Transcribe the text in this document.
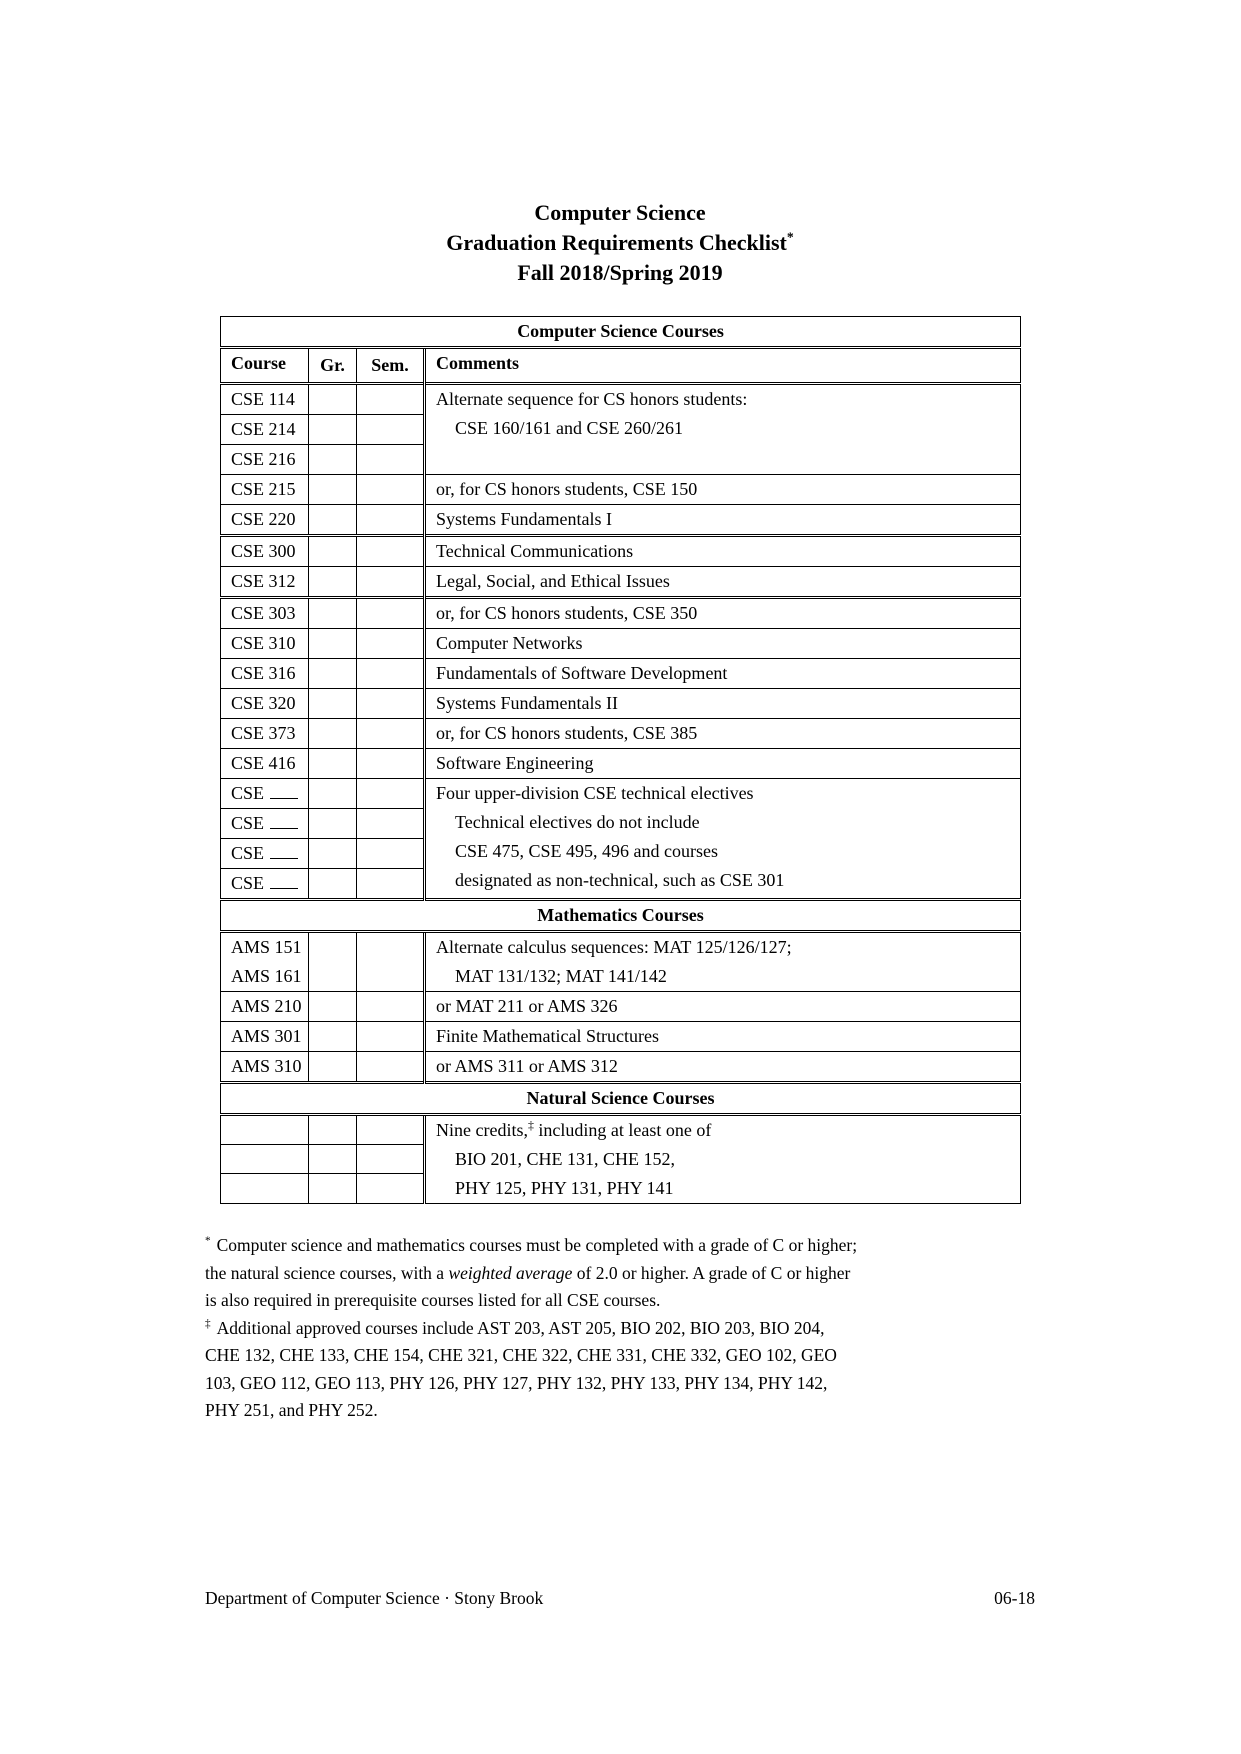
Computer Science
Graduation Requirements Checklist*
Fall 2018/Spring 2019
Computer Science Courses			
Course	Gr.	Sem.	Comments
CSE 114			Alternate sequence for CS honors students:
CSE 160/161 and CSE 260/261

CSE 214			
CSE 216			
CSE 215			or, for CS honors students, CSE 150
CSE 220			Systems Fundamentals I
CSE 300			Technical Communications
CSE 312			Legal, Social, and Ethical Issues
CSE 303			or, for CS honors students, CSE 350
CSE 310			Computer Networks
CSE 316			Fundamentals of Software Development
CSE 320			Systems Fundamentals II
CSE 373			or, for CS honors students, CSE 385
CSE 416			Software Engineering
CSE			Four upper-division CSE technical electives
Technical electives do not include
CSE 475, CSE 495, 496 and courses
designated as non-technical, such as CSE 301

CSE			
CSE			
CSE			
Mathematics Courses			

AMS 151
AMS 161

Alternate calculus sequences: MAT 125/126/127;
MAT 131/132; MAT 141/142

AMS 210			or MAT 211 or AMS 326
AMS 301			Finite Mathematical Structures
AMS 310			or AMS 311 or AMS 312
Natural Science Courses			

			Nine credits,‡ including at least one of
BIO 201, CHE 131, CHE 152,
PHY 125, PHY 131, PHY 141

* Computer science and mathematics courses must be completed with a grade of C or higher;
the natural science courses, with a weighted average of 2.0 or higher. A grade of C or higher
is also required in prerequisite courses listed for all CSE courses.
‡ Additional approved courses include AST 203, AST 205, BIO 202, BIO 203, BIO 204,
CHE 132, CHE 133, CHE 154, CHE 321, CHE 322, CHE 331, CHE 332, GEO 102, GEO
103, GEO 112, GEO 113, PHY 126, PHY 127, PHY 132, PHY 133, PHY 134, PHY 142,
PHY 251, and PHY 252.
Department of Computer Science · Stony Brook	06-18
